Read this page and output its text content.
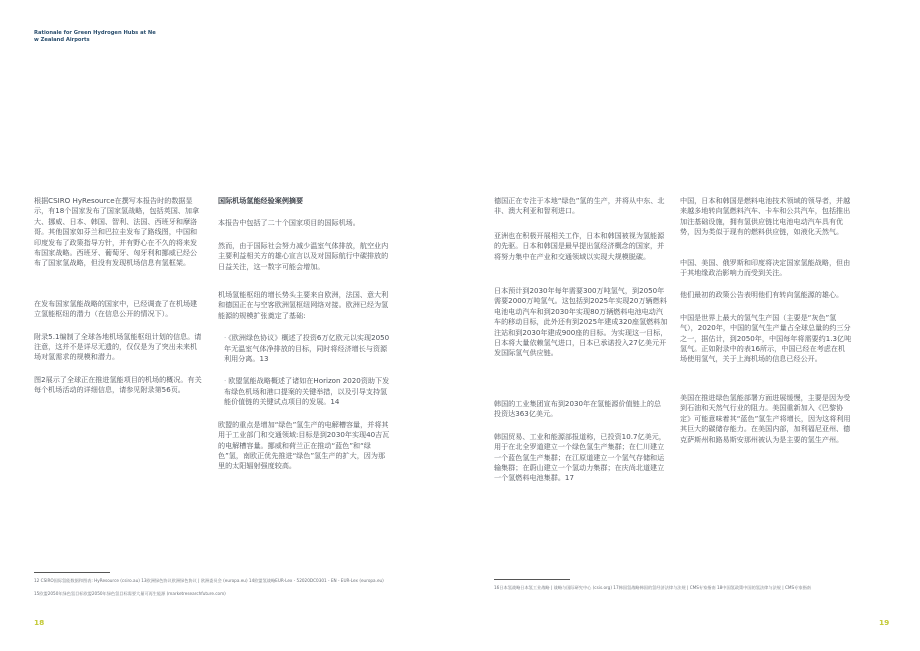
Rationale for Green Hydrogen Hubs at Ne
w Zealand Airports

根据CSIRO HyResource在撰写本报告时的数据显示，有18个国家发布了国家氢战略，包括英国、加拿大、挪威、日本、韩国、智利、法国、西班牙和摩洛哥。其他国家如芬兰和巴拉圭发布了路线图，中国和印度发布了政策指导方针，并有野心在不久的将来发布国家战略。西班牙、葡萄牙、匈牙利和挪威已经公布了国家氢战略，但没有发现机场信息有氢框架。

在发布国家氢能战略的国家中，已经调查了在机场建立氢能枢纽的潜力（在信息公开的情况下）。

附录5.1编制了全球各地机场氢能枢纽计划的信息。请注意，这并不是详尽无遗的，仅仅是为了突出未来机场对氢需求的规模和潜力。

图2展示了全球正在推进氢能项目的机场的概况。有关每个机场活动的详细信息，请参见附录第56页。

国际机场氢能经验案例摘要

本报告中包括了二十个国家项目的国际机场。

然而，由于国际社会努力减少温室气体排放，航空业内主要利益相关方的雄心宣言以及对国际航行中碳排放的日益关注，这一数字可能会增加。

机场氢能枢纽的增长势头主要来自欧洲，法国、意大利和德国正在与空客欧洲氢枢纽网络对接。欧洲已经为氢能源的规模扩张奠定了基础:

· 《欧洲绿色协议》概述了投资6万亿欧元以实现2050年无温室气体净排放的目标，同时将经济增长与资源利用分离。13

· 欧盟氢能战略概述了诸如在Horizon 2020资助下发布绿色机场和港口提案的关键举措，以及引导支持氢能价值链的关键试点项目的发展。14

欧盟的重点是增加“绿色”氢生产的电解槽容量，并将其用于工业部门和交通领域:目标是到2030年实现40吉瓦的电解槽容量。挪威和荷兰正在推动“蓝色”和“绿色”氢，南欧正优先推进“绿色”氢生产的扩大，因为那里的太阳辐射强度较高。

12 CSIRO国际氢能数据和图表: HyResource (csiro.au) 13欧洲绿色协议欧洲绿色协议 | 欧洲委员会 (europa.eu) 14欧盟氢战略EUR-Lex - 52020DC0301 - EN - EUR-Lex (europa.eu)

15欧盟2050年绿色氢目标欧盟2050年绿色氢目标需要大量可再生能源 (marketresearchfuture.com)

18

德国正在专注于本地“绿色”氢的生产，并将从中东、北非、澳大利亚和智利进口。

亚洲也在积极开展相关工作，日本和韩国被视为氢能源的先驱。日本和韩国是最早提出氢经济概念的国家，并将努力集中在产业和交通领域以实现大规模脱碳。

日本预计到2030年每年需要300万吨氢气，到2050年需要2000万吨氢气。这包括到2025年实现20万辆燃料电池电动汽车和到2030年实现80万辆燃料电池电动汽车的移动目标，此外还有到2025年建成320座氢燃料加注站和到2030年建成900座的目标。为实现这一目标，日本将大量依赖氢气进口，日本已承诺投入27亿美元开发国际氢气供应链。

韩国的工业集团宣布到2030年在氢能源价值链上的总投资达363亿美元。

韩国贸易、工业和能源部报道称，已投资10.7亿美元，用于在北全罗道建立一个绿色氢生产集群；在仁川建立一个蓝色氢生产集群；在江原道建立一个氢气存储和运输集群；在蔚山建立一个氢动力集群；在庆尚北道建立一个氢燃料电池集群。17

中国，日本和韩国是燃料电池技术领域的领导者，并越来越多地转向氢燃料汽车、卡车和公共汽车，包括推出加注基础设施，拥有氢供应链比电池电动汽车具有优势，因为类似于现有的燃料供应链，如液化天然气。

中国、美国、俄罗斯和印度将决定国家氢能战略，但由于其地缘政治影响力而受到关注。

他们最初的政策公告表明他们有转向氢能源的雄心。

中国是世界上最大的氢气生产国（主要是“灰色”氢气），2020年，中国的氢气生产量占全球总量的约三分之一，据估计，到2050年，中国每年将需要约1.3亿吨氢气。正如附录中的表16所示，中国已经在考虑在机场使用氢气，关于上海机场的信息已经公开。

美国在推进绿色氢能部署方面进展缓慢，主要是因为受到石油和天然气行业的阻力。美国重新加入《巴黎协定》可能意味着其“蓝色”氢生产将增长，因为这将利用其巨大的碳储存能力。在美国内部，加利福尼亚州、德克萨斯州和路易斯安那州被认为是主要的氢生产州。

16日本氢战略日本氢工业战略 | 战略与国际研究中心 (csis.org) 17韩国氢战略韩国的氢经济法律与法规 | CMS专家指南 18中国氢政策中国的氢法律与法规 | CMS专家指南

19
